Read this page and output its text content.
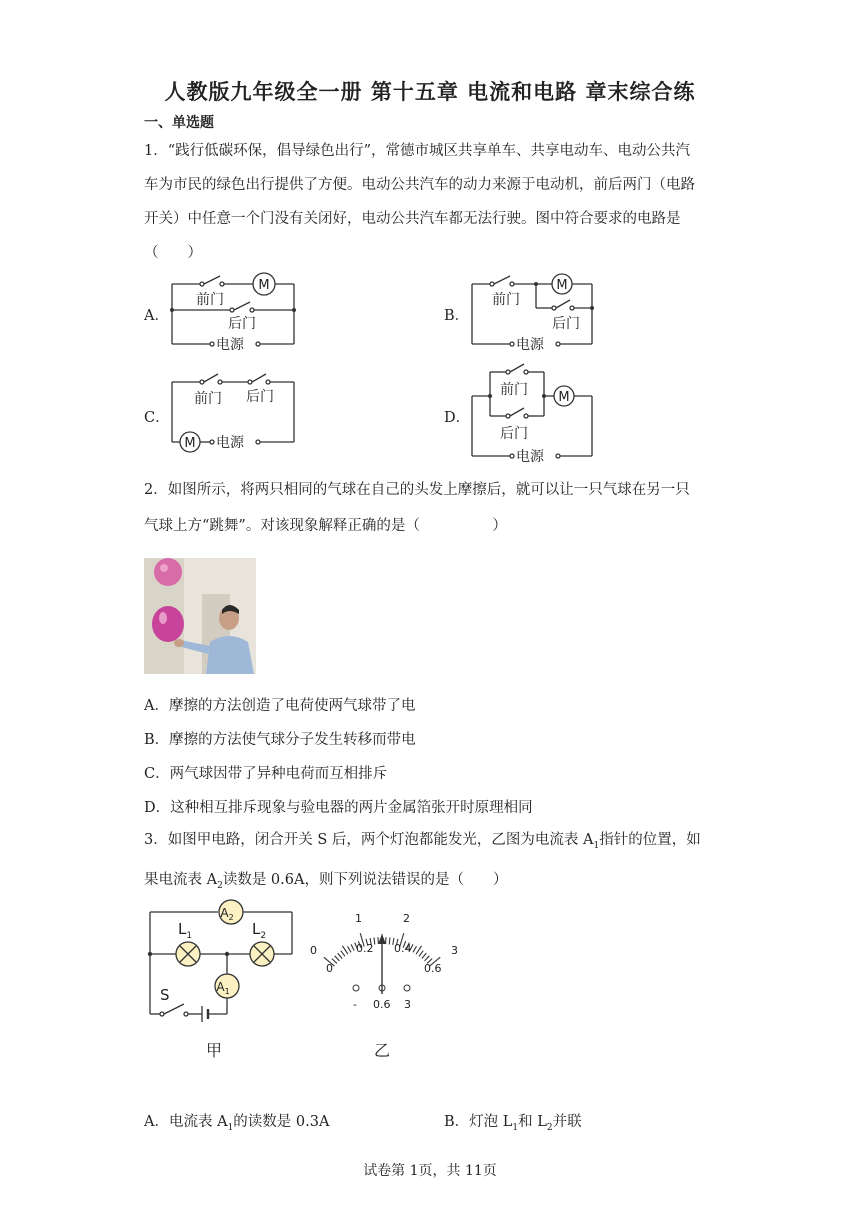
人教版九年级全一册 第十五章 电流和电路 章末综合练
一、单选题
1．“践行低碳环保，倡导绿色出行”，常德市城区共享单车、共享电动车、电动公共汽
车为市民的绿色出行提供了方便。电动公共汽车的动力来源于电动机，前后两门（电路
开关）中任意一个门没有关闭好，电动公共汽车都无法行驶。图中符合要求的电路是
（　　）
A．	B．
C．	D．
M
前门
后门
电源
M
前门
后门
电源
M
前门 后门
电源
M
前门
后门
电源
2．如图所示，将两只相同的气球在自己的头发上摩擦后，就可以让一只气球在另一只
气球上方“跳舞”。对该现象解释正确的是（　　　　　）
A．摩擦的方法创造了电荷使两气球带了电
B．摩擦的方法使气球分子发生转移而带电
C．两气球因带了异种电荷而互相排斥
D．这种相互排斥现象与验电器的两片金属箔张开时原理相同
3．如图甲电路，闭合开关 S 后，两个灯泡都能发光，乙图为电流表 $A_1$指针的位置，如
果电流表 $A_2$读数是 0.6A，则下列说法错误的是（　　）
$A_2$
$A_1$
$L_1$	$L_2$
S
甲
0
1	2
3
0
0.2 0.4
0.6
- 0.6 3
乙
A．电流表 $A_1$的读数是 0.3A	B．灯泡 $L_1$和 $L_2$并联
试卷第 1页，共 11页
